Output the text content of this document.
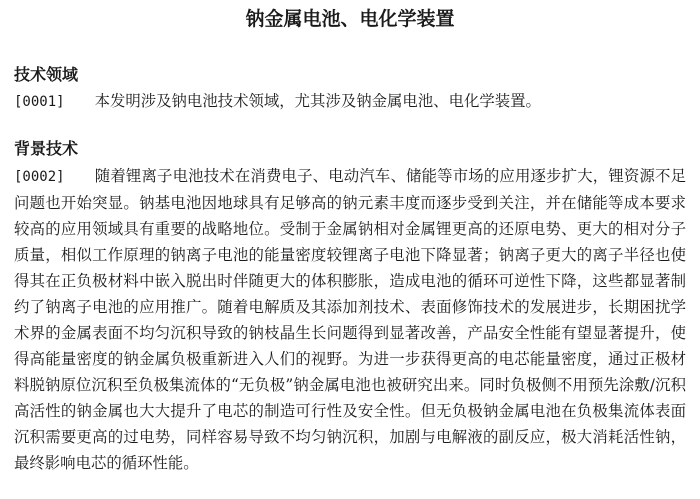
钠金属电池、电化学装置
技术领域

[0001] 本发明涉及钠电池技术领域，尤其涉及钠金属电池、电化学装置。

背景技术

[0002] 随着锂离子电池技术在消费电子、电动汽车、储能等市场的应用逐步扩大，锂资源不足问题也开始突显。钠基电池因地球具有足够高的钠元素丰度而逐步受到关注，并在储能等成本要求较高的应用领域具有重要的战略地位。受制于金属钠相对金属锂更高的还原电势、更大的相对分子质量，相似工作原理的钠离子电池的能量密度较锂离子电池下降显著；钠离子更大的离子半径也使得其在正负极材料中嵌入脱出时伴随更大的体积膨胀，造成电池的循环可逆性下降，这些都显著制约了钠离子电池的应用推广。随着电解质及其添加剂技术、表面修饰技术的发展进步，长期困扰学术界的金属表面不均匀沉积导致的钠枝晶生长问题得到显著改善，产品安全性能有望显著提升，使得高能量密度的钠金属负极重新进入人们的视野。为进一步获得更高的电芯能量密度，通过正极材料脱钠原位沉积至负极集流体的“无负极”钠金属电池也被研究出来。同时负极侧不用预先涂敷/沉积高活性的钠金属也大大提升了电芯的制造可行性及安全性。但无负极钠金属电池在负极集流体表面沉积需要更高的过电势，同样容易导致不均匀钠沉积，加剧与电解液的副反应，极大消耗活性钠，最终影响电芯的循环性能。
